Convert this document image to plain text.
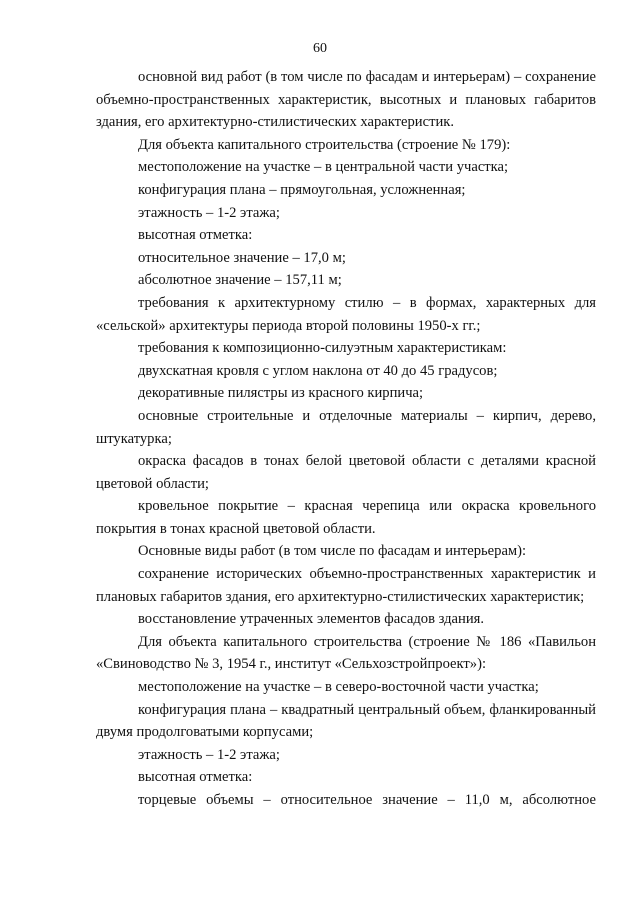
60

основной вид работ (в том числе по фасадам и интерьерам) – сохранение объемно-пространственных характеристик, высотных и плановых габаритов здания, его архитектурно-стилистических характеристик.

Для объекта капитального строительства (строение № 179):

местоположение на участке – в центральной части участка;

конфигурация плана – прямоугольная, усложненная;

этажность – 1-2 этажа;

высотная отметка:

относительное значение – 17,0 м;

абсолютное значение – 157,11 м;

требования к архитектурному стилю – в формах, характерных для «сельской» архитектуры периода второй половины 1950-х гг.;

требования к композиционно-силуэтным характеристикам:

двухскатная кровля с углом наклона от 40 до 45 градусов;

декоративные пилястры из красного кирпича;

основные строительные и отделочные материалы – кирпич, дерево, штукатурка;

окраска фасадов в тонах белой цветовой области с деталями красной цветовой области;

кровельное покрытие – красная черепица или окраска кровельного покрытия в тонах красной цветовой области.

Основные виды работ (в том числе по фасадам и интерьерам):

сохранение исторических объемно-пространственных характеристик и плановых габаритов здания, его архитектурно-стилистических характеристик;

восстановление утраченных элементов фасадов здания.

Для объекта капитального строительства (строение № 186 «Павильон «Свиноводство № 3, 1954 г., институт «Сельхозстройпроект»):

местоположение на участке – в северо-восточной части участка;

конфигурация плана – квадратный центральный объем, фланкированный двумя продолговатыми корпусами;

этажность – 1-2 этажа;

высотная отметка:

торцевые объемы – относительное значение – 11,0 м, абсолютное
